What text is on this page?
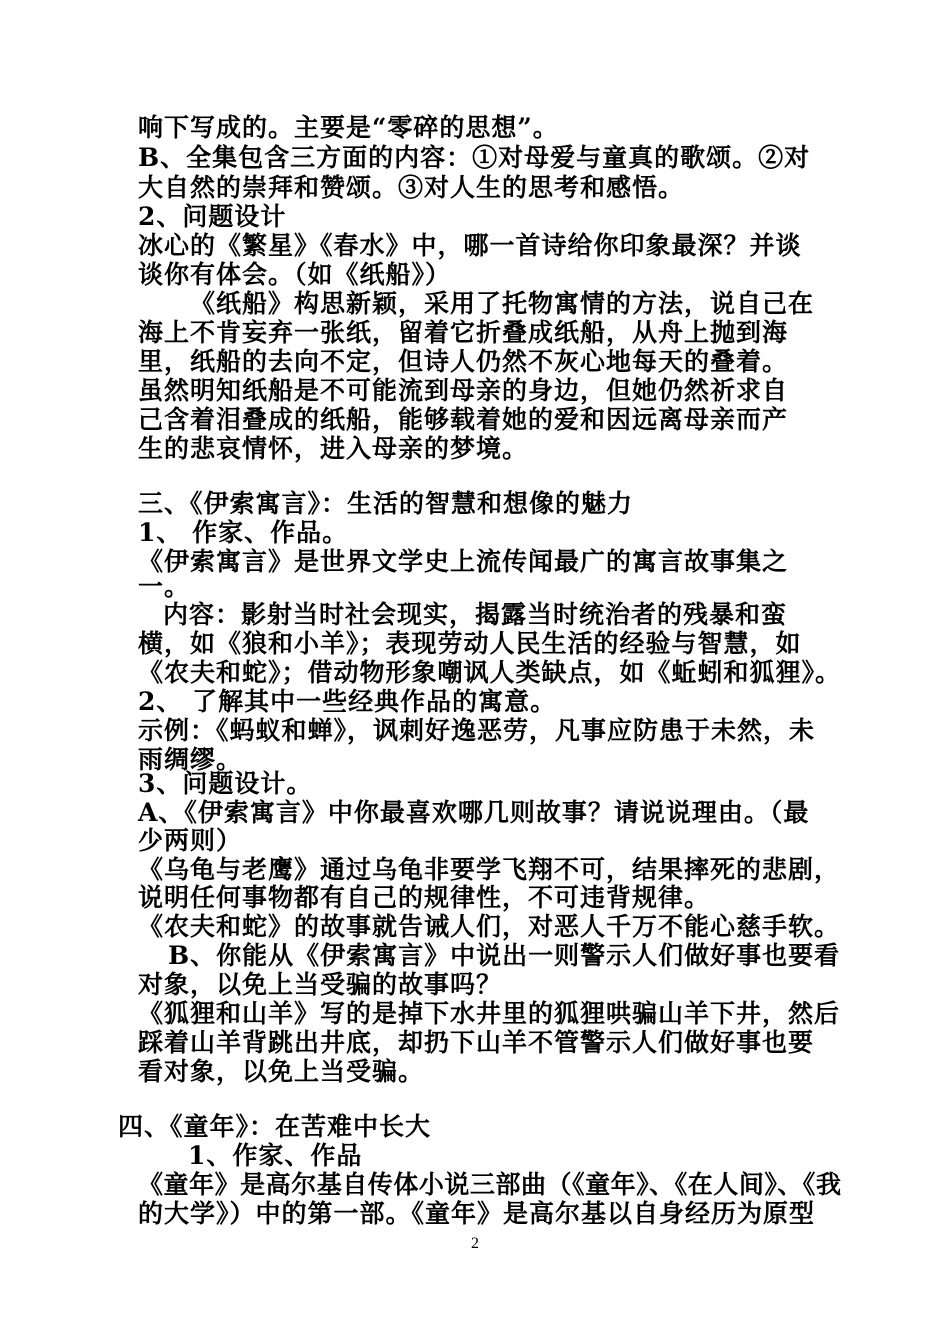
响下写成的。主要是“零碎的思想”。
B、全集包含三方面的内容：①对母爱与童真的歌颂。②对
大自然的崇拜和赞颂。③对人生的思考和感悟。
2、问题设计
冰心的《繁星》《春水》中，哪一首诗给你印象最深？并谈
谈你有体会。（如《纸船》）
《纸船》构思新颖，采用了托物寓情的方法，说自己在
海上不肯妄弃一张纸，留着它折叠成纸船，从舟上抛到海
里，纸船的去向不定，但诗人仍然不灰心地每天的叠着。
虽然明知纸船是不可能流到母亲的身边，但她仍然祈求自
己含着泪叠成的纸船，能够载着她的爱和因远离母亲而产
生的悲哀情怀，进入母亲的梦境。
三、《伊索寓言》：生活的智慧和想像的魅力
1、 作家、作品。
《伊索寓言》是世界文学史上流传闻最广的寓言故事集之
一。
内容：影射当时社会现实，揭露当时统治者的残暴和蛮
横，如《狼和小羊》；表现劳动人民生活的经验与智慧，如
《农夫和蛇》；借动物形象嘲讽人类缺点，如《蚯蚓和狐狸》。
2、 了解其中一些经典作品的寓意。
示例：《蚂蚁和蝉》，讽刺好逸恶劳，凡事应防患于未然，未
雨绸缪。
3、问题设计。
A、《伊索寓言》中你最喜欢哪几则故事？请说说理由。（最
少两则）
《乌龟与老鹰》通过乌龟非要学飞翔不可，结果摔死的悲剧，
说明任何事物都有自己的规律性，不可违背规律。
《农夫和蛇》的故事就告诫人们，对恶人千万不能心慈手软。
B、你能从《伊索寓言》中说出一则警示人们做好事也要看
对象，以免上当受骗的故事吗？
《狐狸和山羊》写的是掉下水井里的狐狸哄骗山羊下井，然后
踩着山羊背跳出井底，却扔下山羊不管警示人们做好事也要
看对象，以免上当受骗。
四、《童年》：在苦难中长大
1、作家、作品
《童年》是高尔基自传体小说三部曲（《童年》、《在人间》、《我
的大学》）中的第一部。《童年》是高尔基以自身经历为原型
2
